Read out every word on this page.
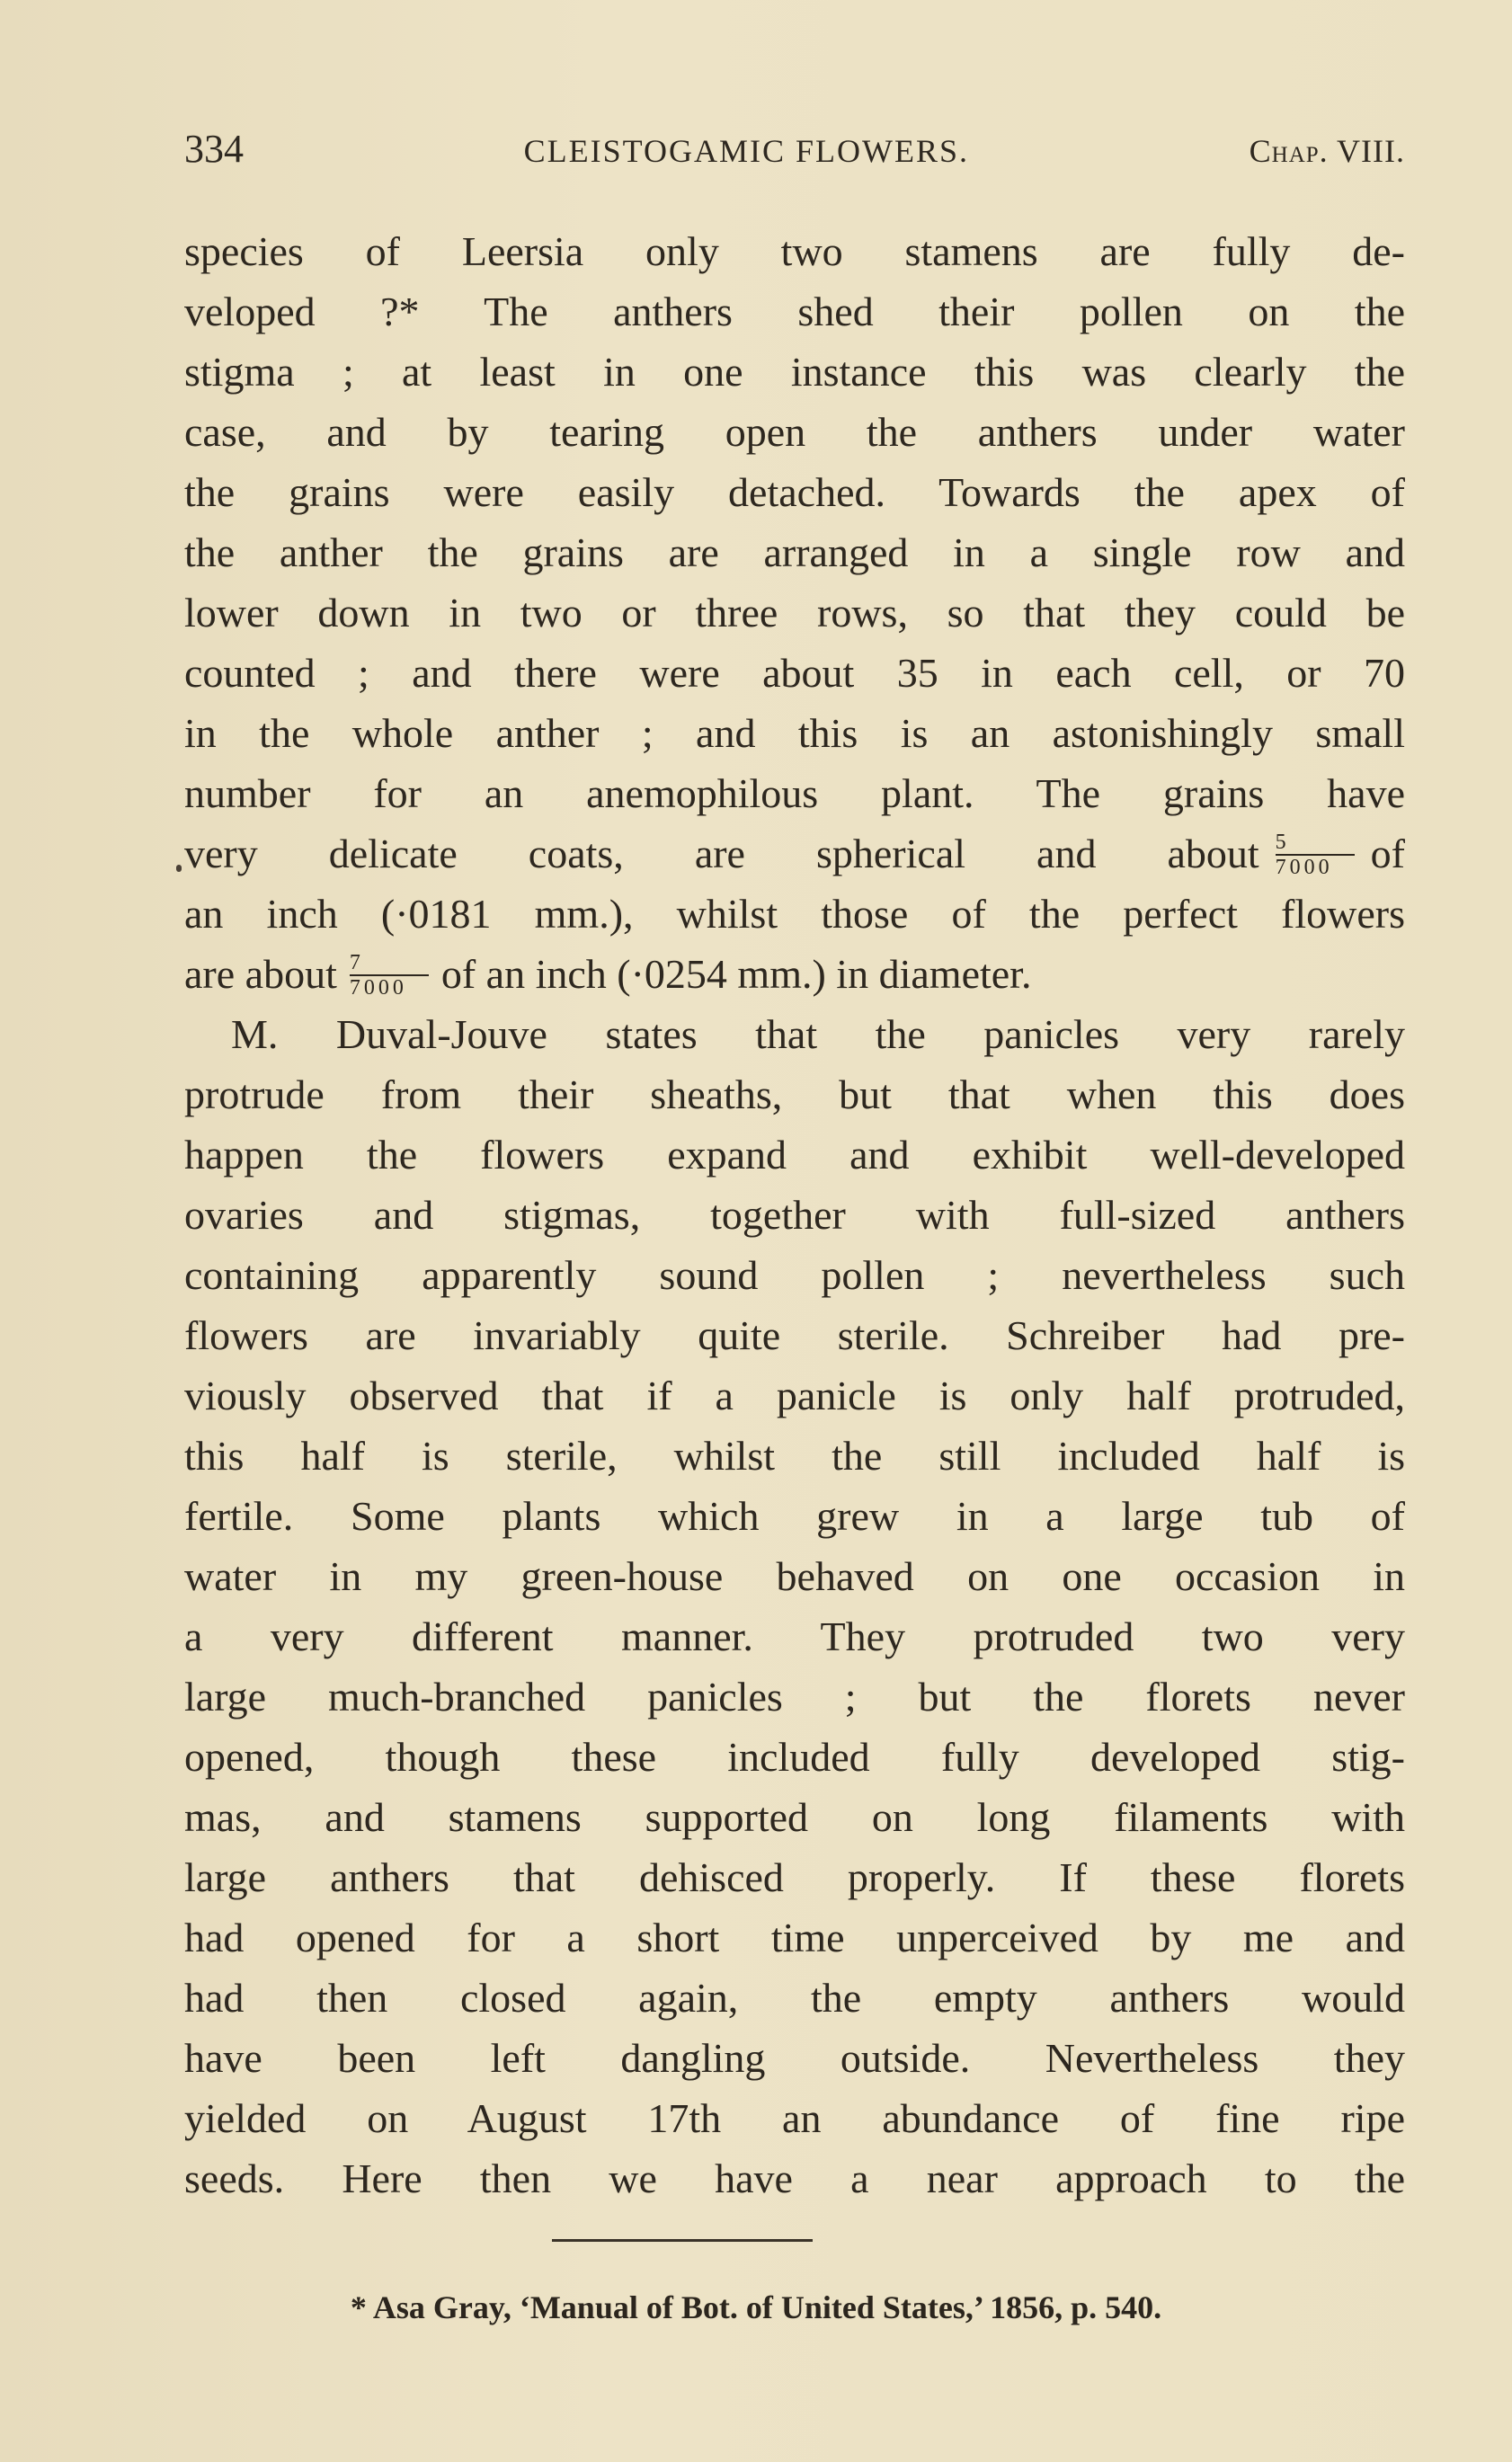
334	CLEISTOGAMIC FLOWERS.	Chap. VIII.
species of Leersia only two stamens are fully de-
veloped ?* The anthers shed their pollen on the
stigma ; at least in one instance this was clearly the
case, and by tearing open the anthers under water
the grains were easily detached. Towards the apex of
the anther the grains are arranged in a single row and
lower down in two or three rows, so that they could be
counted ; and there were about 35 in each cell, or 70
in the whole anther ; and this is an astonishingly small
number for an anemophilous plant. The grains have
very delicate coats, are spherical and about $\frac{5}{7000}$ of
an inch (·0181 mm.), whilst those of the perfect flowers
are about $\frac{7}{7000}$ of an inch (·0254 mm.) in diameter.
M. Duval-Jouve states that the panicles very rarely
protrude from their sheaths, but that when this does
happen the flowers expand and exhibit well-developed
ovaries and stigmas, together with full-sized anthers
containing apparently sound pollen ; nevertheless such
flowers are invariably quite sterile. Schreiber had pre-
viously observed that if a panicle is only half protruded,
this half is sterile, whilst the still included half is
fertile. Some plants which grew in a large tub of
water in my green-house behaved on one occasion in
a very different manner. They protruded two very
large much-branched panicles ; but the florets never
opened, though these included fully developed stig-
mas, and stamens supported on long filaments with
large anthers that dehisced properly. If these florets
had opened for a short time unperceived by me and
had then closed again, the empty anthers would
have been left dangling outside. Nevertheless they
yielded on August 17th an abundance of fine ripe
seeds. Here then we have a near approach to the
* Asa Gray, ‘Manual of Bot. of United States,’ 1856, p. 540.
